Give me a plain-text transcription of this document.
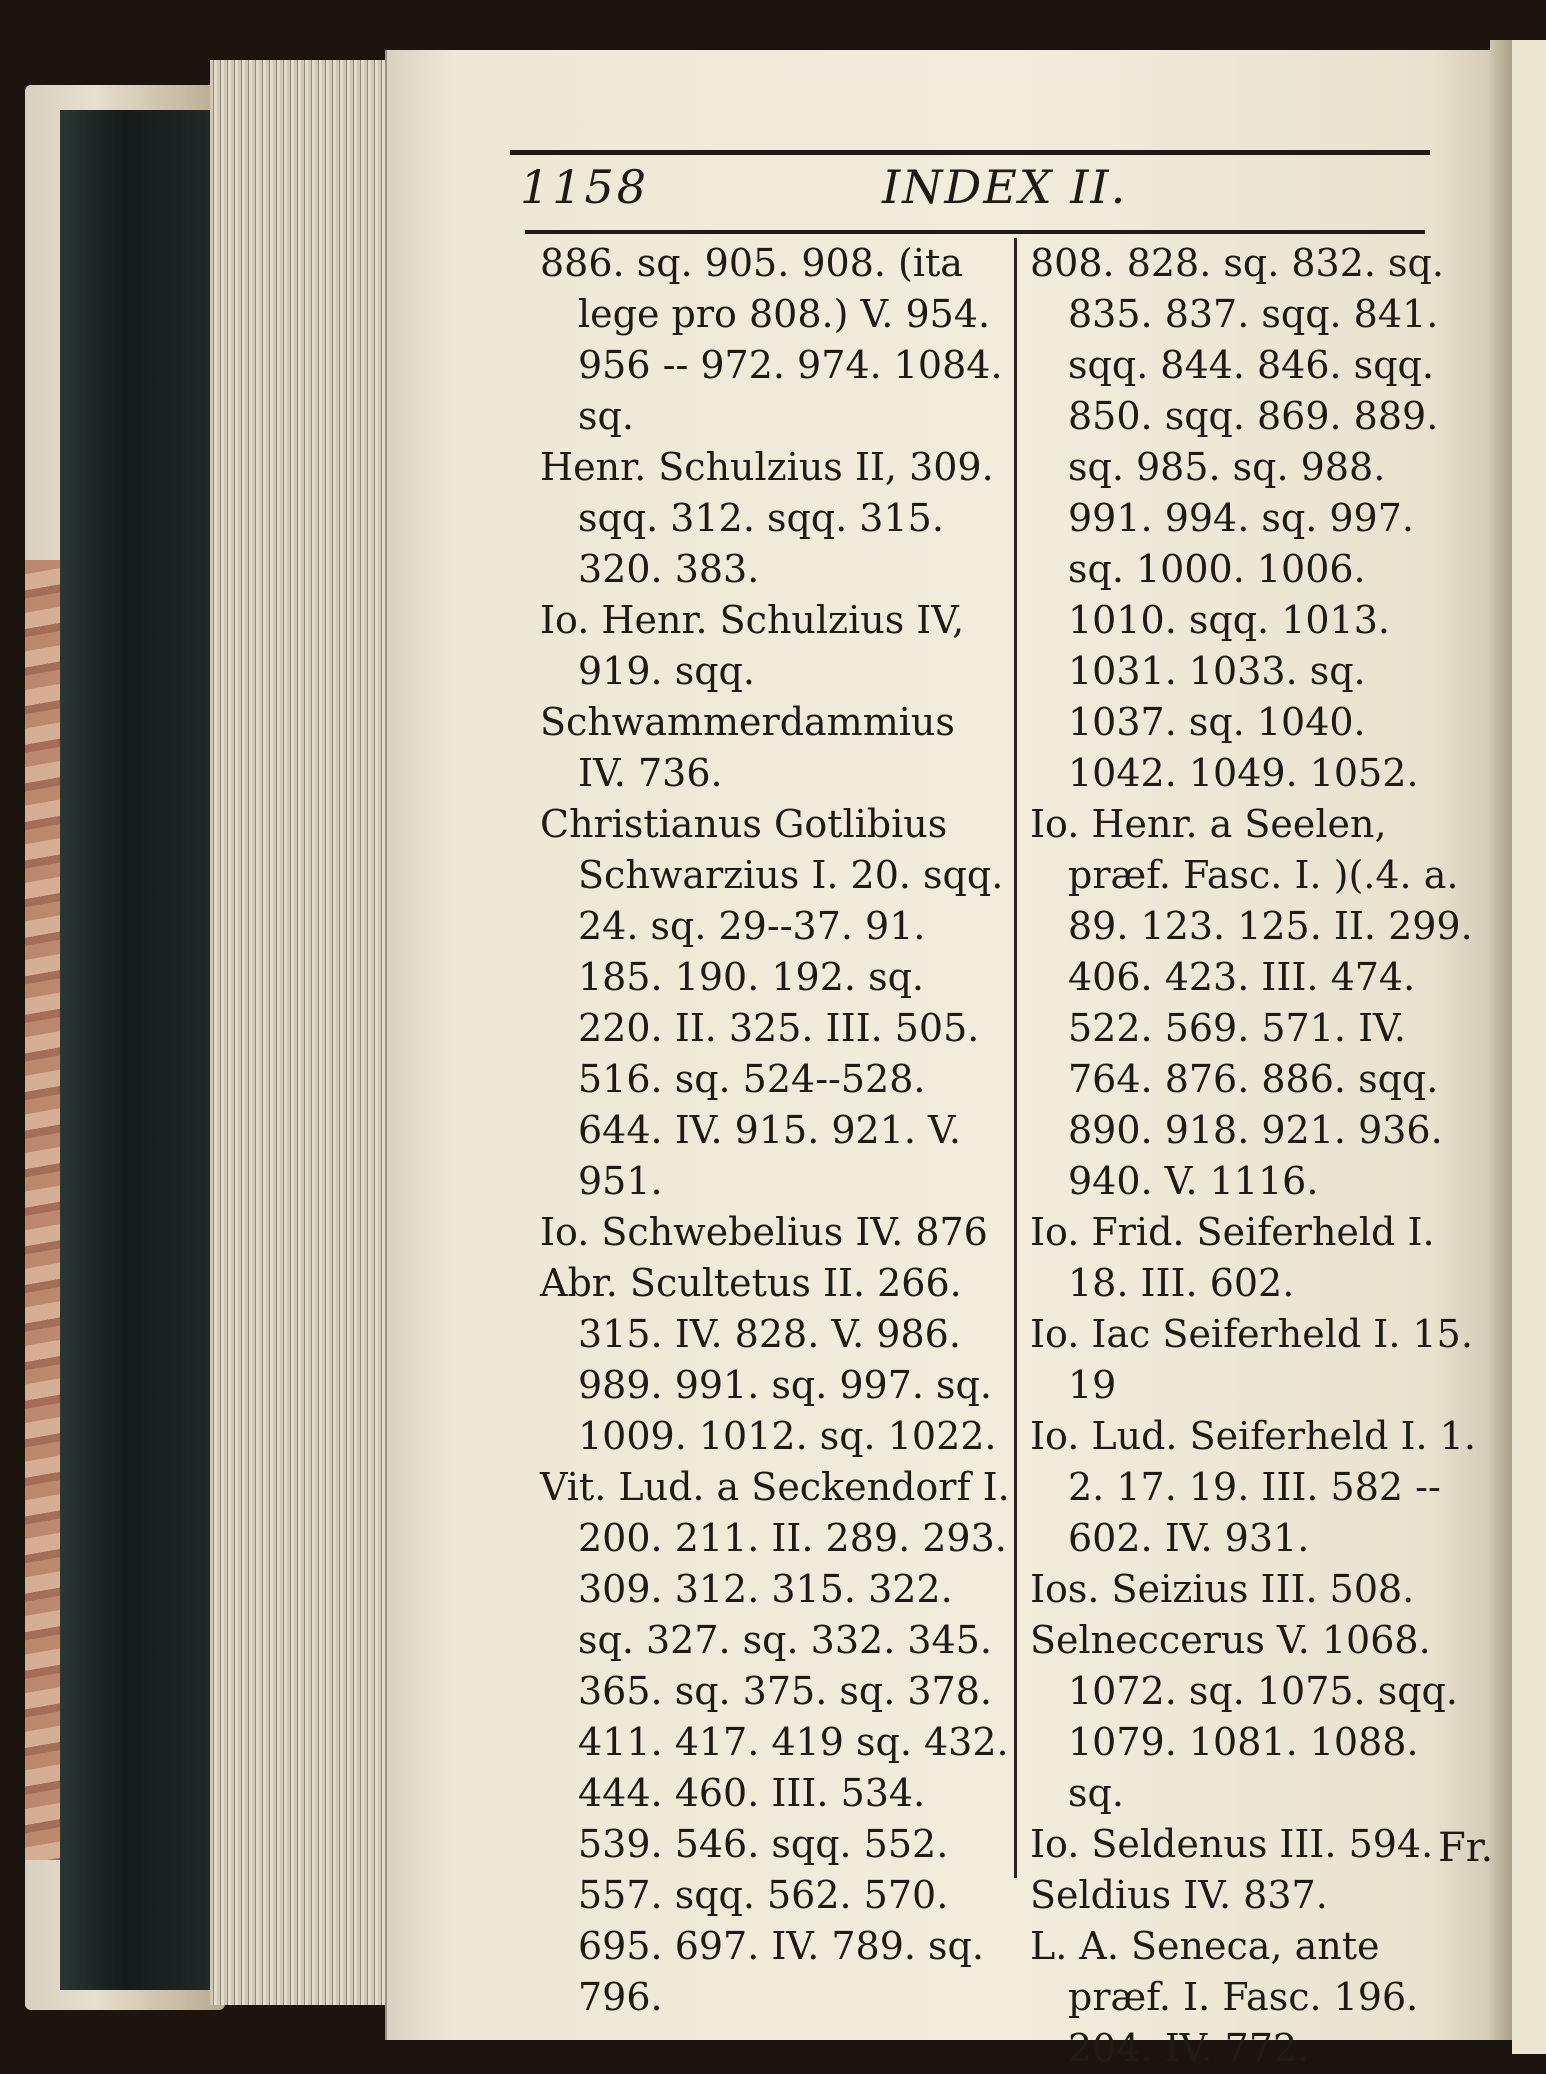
1158	INDEX II.

886. sq. 905. 908. (ita lege pro 808.) V. 954. 956 -- 972. 974. 1084. sq.

Henr. Schulzius II, 309. sqq. 312. sqq. 315. 320. 383.

Io. Henr. Schulzius IV, 919. sqq.

Schwammerdammius IV. 736.

Christianus Gotlibius Schwarzius I. 20. sqq. 24. sq. 29--37. 91. 185. 190. 192. sq. 220. II. 325. III. 505. 516. sq. 524--528. 644. IV. 915. 921. V. 951.

Io. Schwebelius IV. 876

Abr. Scultetus II. 266. 315. IV. 828. V. 986. 989. 991. sq. 997. sq. 1009. 1012. sq. 1022.

Vit. Lud. a Seckendorf I. 200. 211. II. 289. 293. 309. 312. 315. 322. sq. 327. sq. 332. 345. 365. sq. 375. sq. 378. 411. 417. 419 sq. 432. 444. 460. III. 534. 539. 546. sqq. 552. 557. sqq. 562. 570. 695. 697. IV. 789. sq. 796.

808. 828. sq. 832. sq. 835. 837. sqq. 841. sqq. 844. 846. sqq. 850. sqq. 869. 889. sq. 985. sq. 988. 991. 994. sq. 997. sq. 1000. 1006. 1010. sqq. 1013. 1031. 1033. sq. 1037. sq. 1040. 1042. 1049. 1052.

Io. Henr. a Seelen, præf. Fasc. I. )(.4. a. 89. 123. 125. II. 299. 406. 423. III. 474. 522. 569. 571. IV. 764. 876. 886. sqq. 890. 918. 921. 936. 940. V. 1116.

Io. Frid. Seiferheld I. 18. III. 602.

Io. Iac Seiferheld I. 15. 19

Io. Lud. Seiferheld I. 1. 2. 17. 19. III. 582 -- 602. IV. 931.

Ios. Seizius III. 508.

Selneccerus V. 1068. 1072. sq. 1075. sqq. 1079. 1081. 1088. sq.

Io. Seldenus III. 594.

Seldius IV. 837.

L. A. Seneca, ante præf. I. Fasc. 196. 204. IV. 772.

Fr.
